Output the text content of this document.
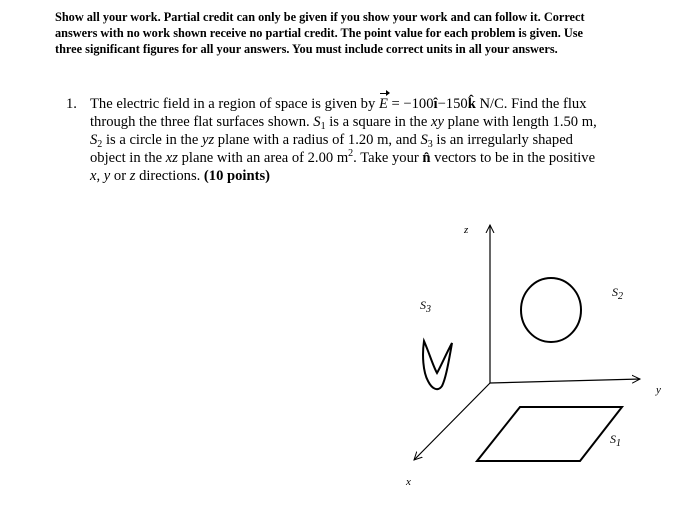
Show all your work. Partial credit can only be given if you show your work and can follow it. Correct
answers with no work shown receive no partial credit. The point value for each problem is given. Use
three significant figures for all your answers. You must include correct units in all your answers.
1. The electric field in a region of space is given by E = −100î−150k̂ N/C. Find the flux
through the three flat surfaces shown. $S_1$ is a square in the xy plane with length 1.50 m,
$S_2$ is a circle in the yz plane with a radius of 1.20 m, and $S_3$ is an irregularly shaped
object in the xz plane with an area of 2.00 $m^2$. Take your n̂ vectors to be in the positive
x, y or z directions. (10 points)
z
y
x
$S_1$
$S_2$
$S_3$
